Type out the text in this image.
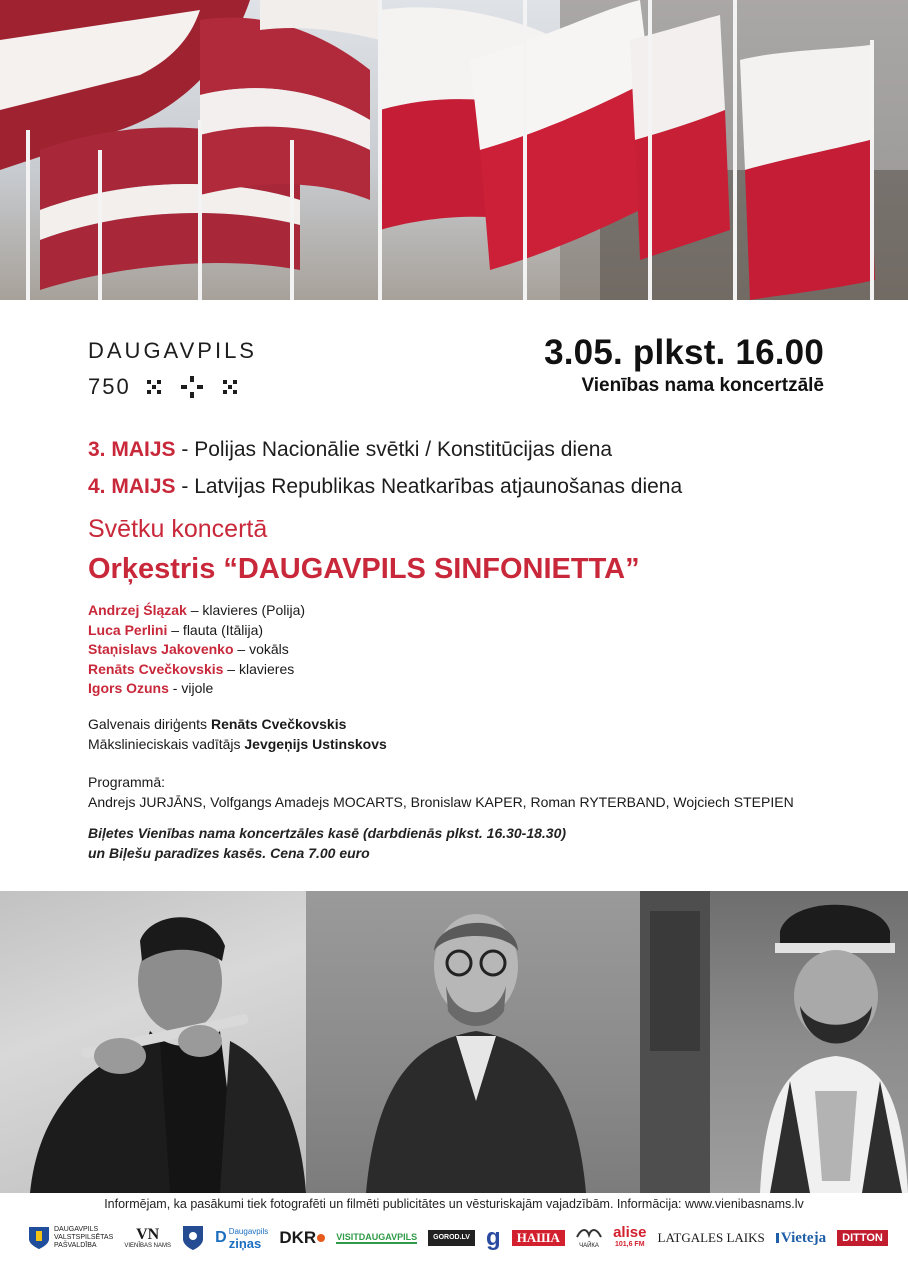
DAUGAVPILS
750
3.05. plkst. 16.00
Vienības nama koncertzālē
3. MAIJS - Polijas Nacionālie svētki / Konstitūcijas diena
4. MAIJS - Latvijas Republikas Neatkarības atjaunošanas diena
Svētku koncertā
Orķestris “DAUGAVPILS SINFONIETTA”
Andrzej Ślązak – klavieres (Polija)
Luca Perlini – flauta (Itālija)
Staņislavs Jakovenko – vokāls
Renāts Cvečkovskis – klavieres
Igors Ozuns - vijole
Galvenais diriģents Renāts Cvečkovskis
Mākslinieciskais vadītājs Jevgeņijs Ustinskovs
Programmā:
Andrejs JURJĀNS, Volfgangs Amadejs MOCARTS, Bronislaw KAPER, Roman RYTERBAND, Wojciech STEPIEN
Biļetes Vienības nama koncertzāles kasē (darbdienās plkst. 16.30-18.30)
un Biļešu paradīzes kasēs. Cena 7.00 euro
Informējam, ka pasākumi tiek fotografēti un filmēti publicitātes un vēsturiskajām vajadzībām. Informācija: www.vienibasnams.lv
DAUGAVPILS
VALSTSPILSĒTAS
PAŠVALDĪBA
VN
VIENĪBAS NAMS	D Daugavpils
ziņas	DKR VISITDAUGAVPILS GOROD.LV g НАША
ЧАЙКА
alise
101,6 FM LATGALES LAIKS	Vieteja DITTON
